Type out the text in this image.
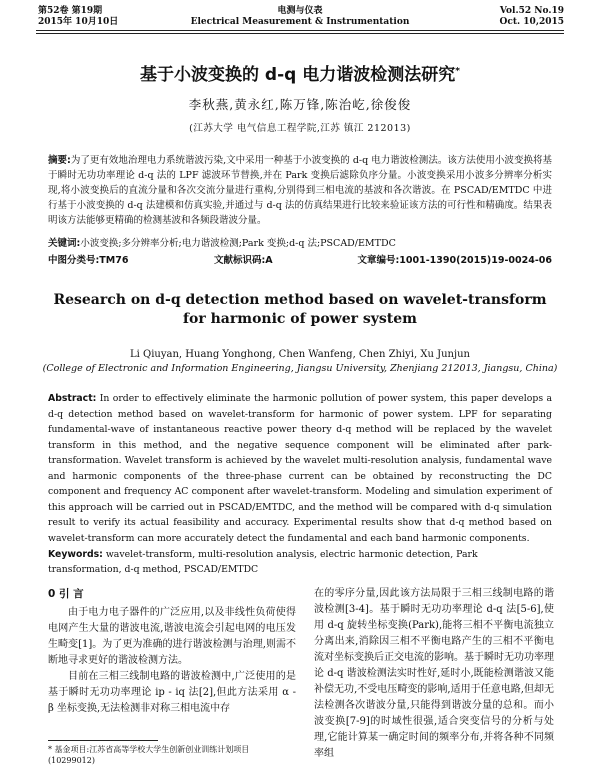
第52卷 第19期
2015年 10月10日
电测与仪表
Electrical Measurement & Instrumentation
Vol.52 No.19
Oct. 10,2015
基于小波变换的 d-q 电力谐波检测法研究*
李秋燕,黄永红,陈万锋,陈治屹,徐俊俊
(江苏大学 电气信息工程学院,江苏 镇江 212013)
摘要:为了更有效地治理电力系统谐波污染,文中采用一种基于小波变换的 d-q 电力谐波检测法。该方法使用小波变换将基于瞬时无功功率理论 d-q 法的 LPF 滤波环节替换,并在 Park 变换后滤除负序分量。小波变换采用小波多分辨率分析实现,将小波变换后的直流分量和各次交流分量进行重构,分别得到三相电流的基波和各次谐波。在 PSCAD/EMTDC 中进行基于小波变换的 d-q 法建模和仿真实验,并通过与 d-q 法的仿真结果进行比较来验证该方法的可行性和精确度。结果表明该方法能够更精确的检测基波和各频段谐波分量。
关键词:小波变换;多分辨率分析;电力谐波检测;Park 变换;d-q 法;PSCAD/EMTDC
中图分类号:TM76	文献标识码:A	文章编号:1001-1390(2015)19-0024-06
Research on d-q detection method based on wavelet-transform
for harmonic of power system
Li Qiuyan, Huang Yonghong, Chen Wanfeng, Chen Zhiyi, Xu Junjun
(College of Electronic and Information Engineering, Jiangsu University, Zhenjiang 212013, Jiangsu, China)
Abstract: In order to effectively eliminate the harmonic pollution of power system, this paper develops a d-q detection method based on wavelet-transform for harmonic of power system. LPF for separating fundamental-wave of instantaneous reactive power theory d-q method will be replaced by the wavelet transform in this method, and the negative sequence component will be eliminated after park-transformation. Wavelet transform is achieved by the wavelet multi-resolution analysis, fundamental wave and harmonic components of the three-phase current can be obtained by reconstructing the DC component and frequency AC component after wavelet-transform. Modeling and simulation experiment of this approach will be carried out in PSCAD/EMTDC, and the method will be compared with d-q simulation result to verify its actual feasibility and accuracy. Experimental results show that d-q method based on wavelet-transform can more accurately detect the fundamental and each band harmonic components.
Keywords: wavelet-transform, multi-resolution analysis, electric harmonic detection, Park transformation, d-q method, PSCAD/EMTDC
0 引 言

由于电力电子器件的广泛应用,以及非线性负荷使得电网产生大量的谐波电流,谐波电流会引起电网的电压发生畸变[1]。为了更为准确的进行谐波检测与治理,则需不断地寻求更好的谐波检测方法。

目前在三相三线制电路的谐波检测中,广泛使用的是基于瞬时无功功率理论 ip - iq 法[2],但此方法采用 α - β 坐标变换,无法检测非对称三相电流中存

在的零序分量,因此该方法局限于三相三线制电路的谐波检测[3-4]。基于瞬时无功功率理论 d-q 法[5-6],使用 d-q 旋转坐标变换(Park),能将三相不平衡电流独立分离出来,消除因三相不平衡电路产生的三相不平衡电流对坐标变换后正交电流的影响。基于瞬时无功功率理论 d-q 谐波检测法实时性好,延时小,既能检测谐波又能补偿无功,不受电压畸变的影响,适用于任意电路,但却无法检测各次谐波分量,只能得到谐波分量的总和。而小波变换[7-9]的时域性很强,适合突变信号的分析与处理,它能计算某一确定时间的频率分布,并将各种不同频率组

* 基金项目:江苏省高等学校大学生创新创业训练计划项目(10299012)
